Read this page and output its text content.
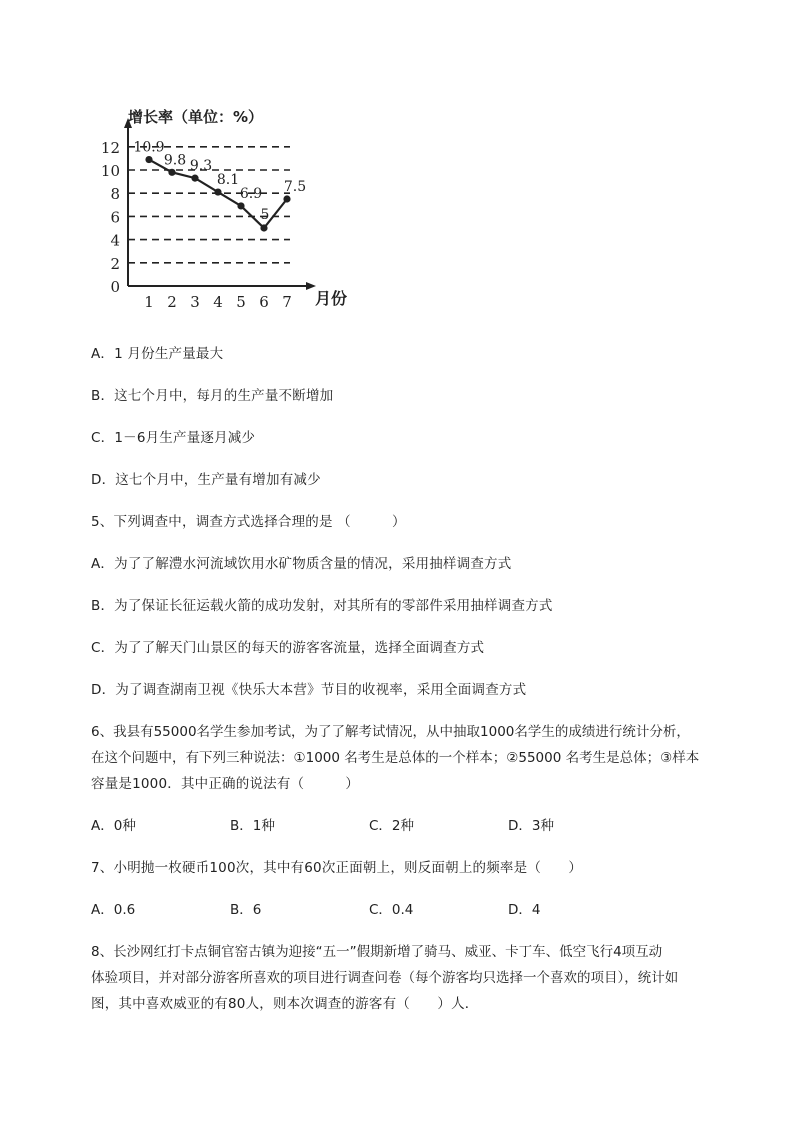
0
2
4
6
8
10
12
1 2 3 4 5 6 7
10.9
9.8 9.3
8.1
6.9
5
7.5
增长率（单位：%）
月份
A．1 月份生产量最大
B．这七个月中，每月的生产量不断增加
C．1－6月生产量逐月减少
D．这七个月中，生产量有增加有减少
5、下列调查中，调查方式选择合理的是 （　　　）
A．为了了解澧水河流域饮用水矿物质含量的情况，采用抽样调查方式
B．为了保证长征运载火箭的成功发射，对其所有的零部件采用抽样调查方式
C．为了了解天门山景区的每天的游客客流量，选择全面调查方式
D．为了调查湖南卫视《快乐大本营》节目的收视率，采用全面调查方式
6、我县有55000名学生参加考试，为了了解考试情况，从中抽取1000名学生的成绩进行统计分析，
在这个问题中，有下列三种说法：①1000 名考生是总体的一个样本；②55000 名考生是总体；③样本
容量是1000．其中正确的说法有（　　　）
A．0种	B．1种	C．2种	D．3种
7、小明抛一枚硬币100次，其中有60次正面朝上，则反面朝上的频率是（　　）
A．0.6	B．6	C．0.4	D．4
8、长沙网红打卡点铜官窑古镇为迎接“五一”假期新增了骑马、威亚、卡丁车、低空飞行4项互动
体验项目，并对部分游客所喜欢的项目进行调查问卷（每个游客均只选择一个喜欢的项目），统计如
图，其中喜欢威亚的有80人，则本次调查的游客有（　　）人．
